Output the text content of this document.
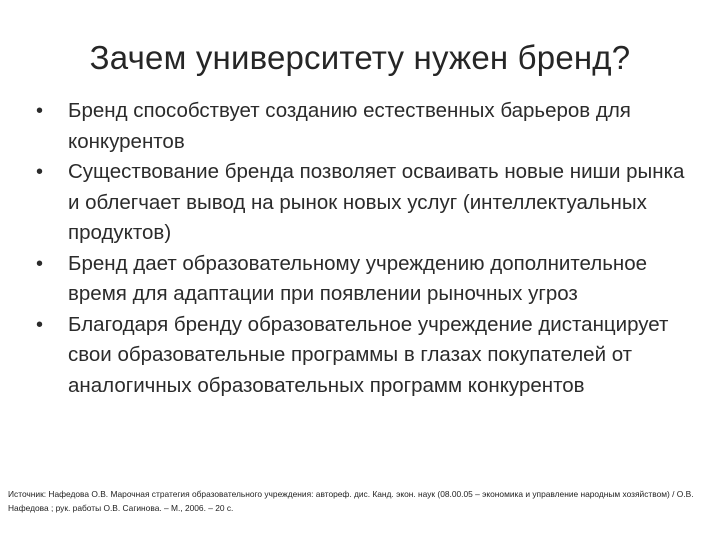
Зачем университету нужен бренд?
•	Бренд способствует созданию естественных барьеров для конкурентов
•	Существование бренда позволяет осваивать новые ниши рынка и облегчает вывод на рынок новых услуг (интеллектуальных продуктов)
•	Бренд дает образовательному учреждению дополнительное время для адаптации при появлении рыночных угроз
•	Благодаря бренду образовательное учреждение дистанцирует свои образовательные программы в глазах покупателей от аналогичных образовательных программ конкурентов
Источник: Нафедова О.В. Марочная стратегия образовательного учреждения: автореф. дис. Канд. экон. наук (08.00.05 – экономика и управление народным хозяйством) / О.В. Нафедова ; рук. работы О.В. Сагинова. – М., 2006. – 20 с.
